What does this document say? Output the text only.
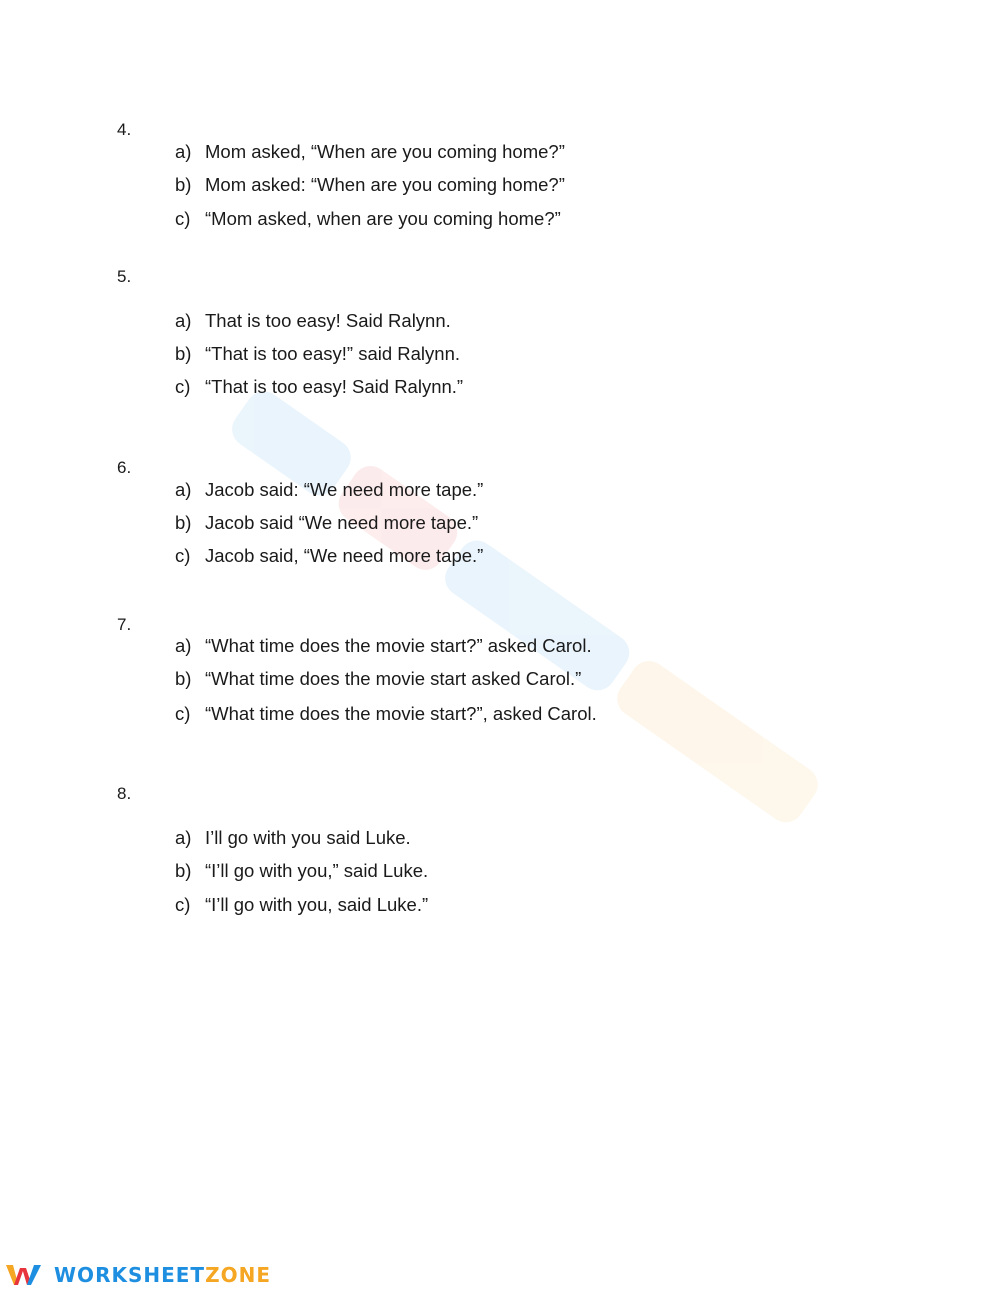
4.
a) Mom asked, “When are you coming home?”
b) Mom asked: “When are you coming home?”
c) “Mom asked, when are you coming home?”
5.
a) That is too easy! Said Ralynn.
b) “That is too easy!” said Ralynn.
c) “That is too easy! Said Ralynn.”
6.
a) Jacob said: “We need more tape.”
b) Jacob said “We need more tape.”
c) Jacob said, “We need more tape.”
7.
a) “What time does the movie start?” asked Carol.
b) “What time does the movie start asked Carol.”
c) “What time does the movie start?”, asked Carol.
8.
a) I’ll go with you said Luke.
b) “I’ll go with you,” said Luke.
c) “I’ll go with you, said Luke.”
WORKSHEET ZONE
